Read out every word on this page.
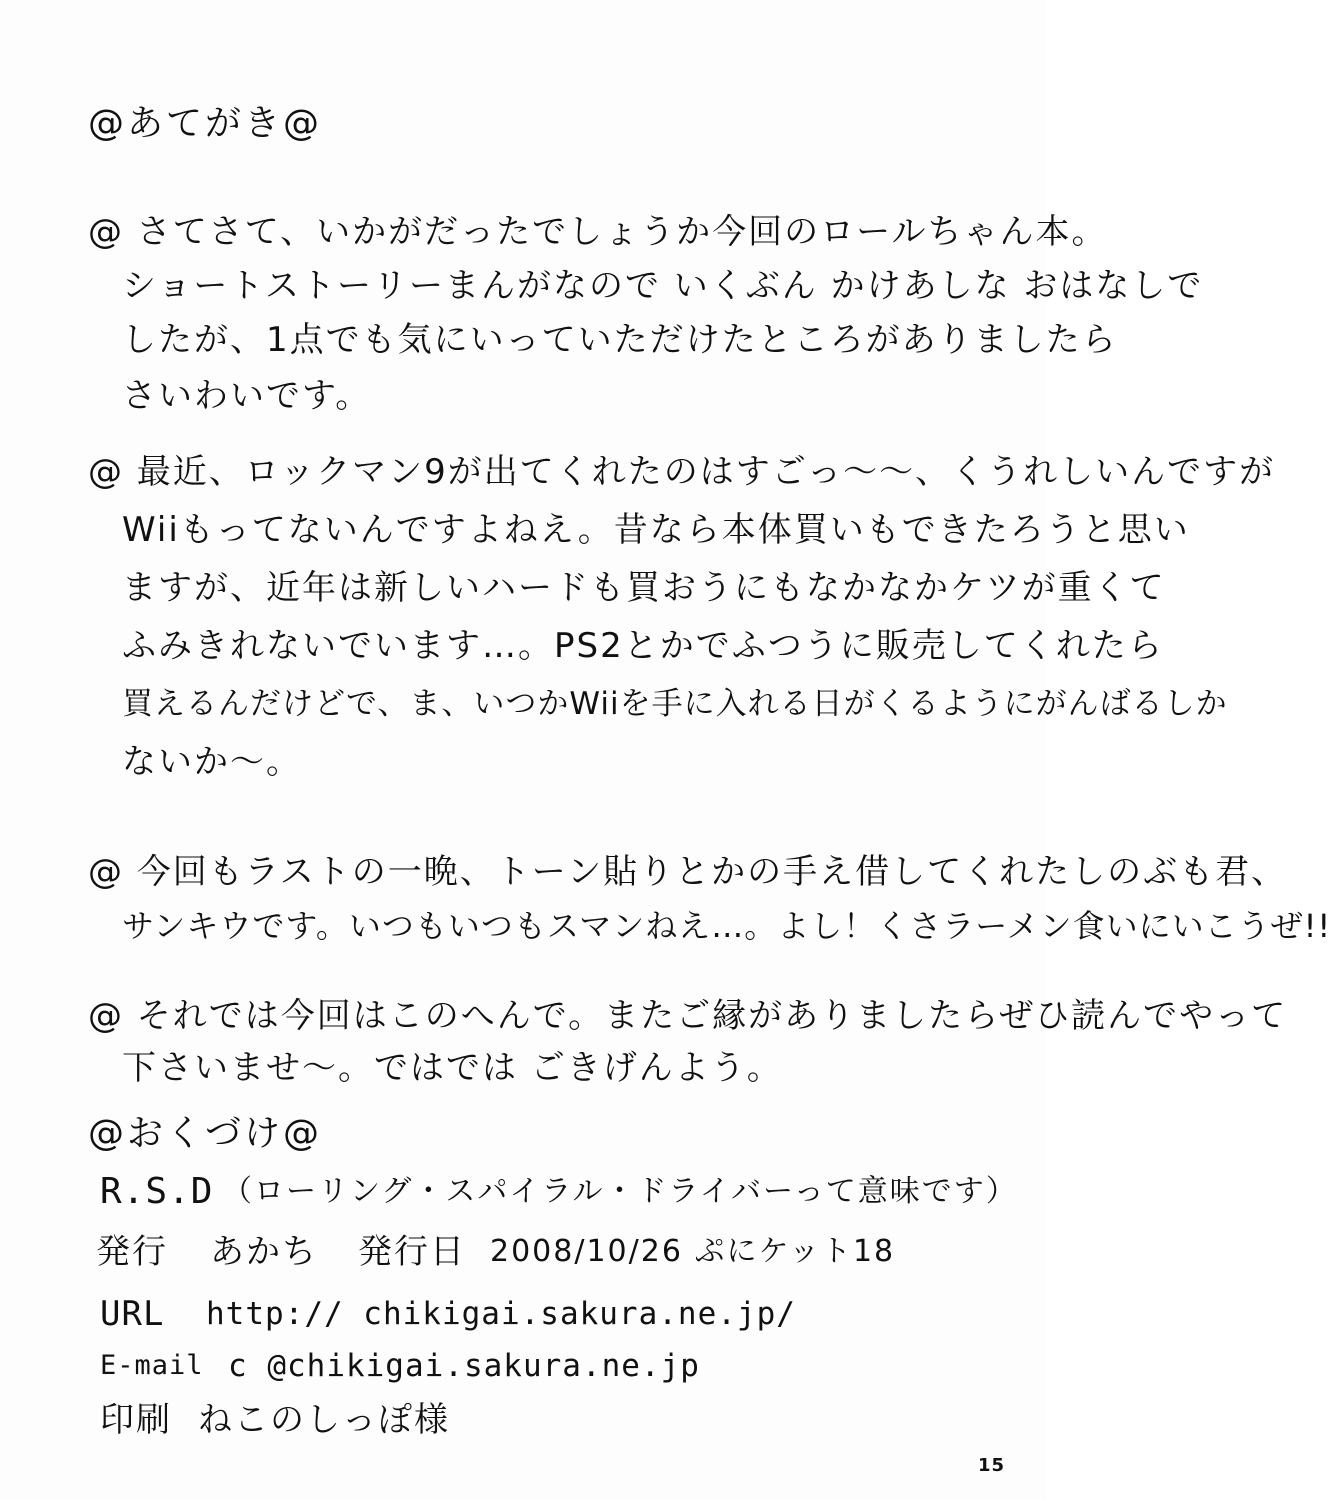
@あてがき@
@ さてさて、いかがだったでしょうか今回のロールちゃん本。
ショートストーリーまんがなので いくぶん かけあしな おはなしで
したが、1点でも気にいっていただけたところがありましたら
さいわいです。
@ 最近、ロックマン9が出てくれたのはすごっ〜〜、くうれしいんですが
Wiiもってないんですよねえ。昔なら本体買いもできたろうと思い
ますが、近年は新しいハードも買おうにもなかなかケツが重くて
ふみきれないでいます…。PS2とかでふつうに販売してくれたら
買えるんだけどで、ま、いつかWiiを手に入れる日がくるようにがんばるしか
ないか〜。
@ 今回もラストの一晩、トーン貼りとかの手え借してくれたしのぶも君、
サンキウです。いつもいつもスマンねえ…。よし！くさラーメン食いにいこうぜ!!
@ それでは今回はこのへんで。またご縁がありましたらぜひ読んでやって
下さいませ〜。ではでは ごきげんよう。
@おくづけ@
R.S.D （ローリング・スパイラル・ドライバーって意味です）
発行 あかち 発行日 2008/10/26 ぷにケット18
URL http:// chikigai.sakura.ne.jp/
E-mail c @chikigai.sakura.ne.jp
印刷 ねこのしっぽ様
15
